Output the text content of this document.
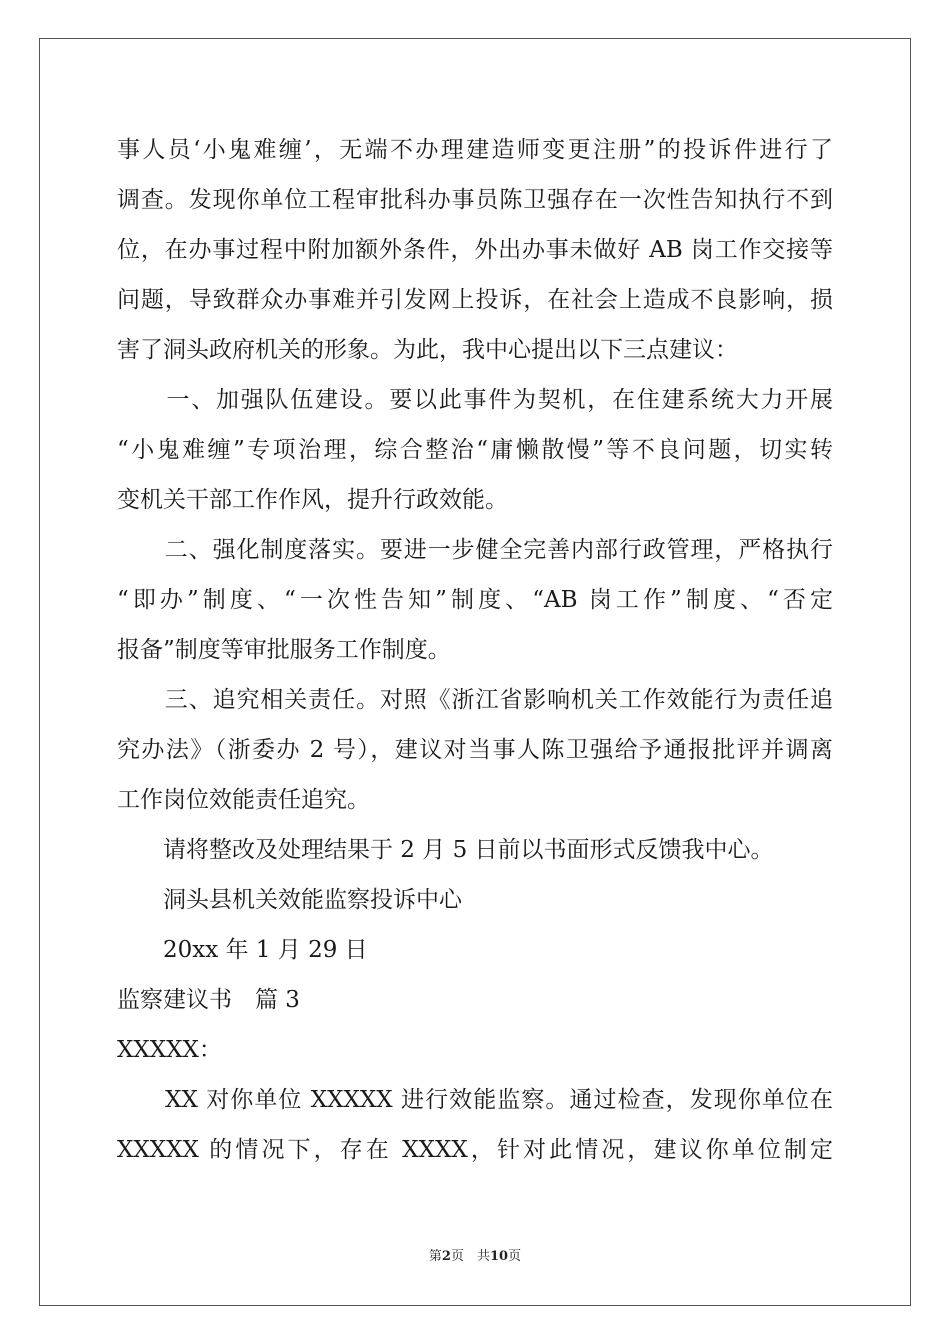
事人员‘小鬼难缠’，无端不办理建造师变更注册”的投诉件进行了
调查。发现你单位工程审批科办事员陈卫强存在一次性告知执行不到
位，在办事过程中附加额外条件，外出办事未做好 AB 岗工作交接等
问题，导致群众办事难并引发网上投诉，在社会上造成不良影响，损
害了洞头政府机关的形象。为此，我中心提出以下三点建议：
　　一、加强队伍建设。要以此事件为契机，在住建系统大力开展
“小鬼难缠”专项治理，综合整治“庸懒散慢”等不良问题，切实转
变机关干部工作作风，提升行政效能。
　　二、强化制度落实。要进一步健全完善内部行政管理，严格执行
“即办”制度、“一次性告知”制度、“AB 岗工作”制度、“否定
报备”制度等审批服务工作制度。
　　三、追究相关责任。对照《浙江省影响机关工作效能行为责任追
究办法》（浙委办 2 号），建议对当事人陈卫强给予通报批评并调离
工作岗位效能责任追究。
　　请将整改及处理结果于 2 月 5 日前以书面形式反馈我中心。
　　洞头县机关效能监察投诉中心
　　20xx 年 1 月 29 日
监察建议书　篇 3
XXXXX：
　　XX 对你单位 XXXXX 进行效能监察。通过检查，发现你单位在
XXXXX 的情况下，存在 XXXX，针对此情况，建议你单位制定
第2页　共10页
